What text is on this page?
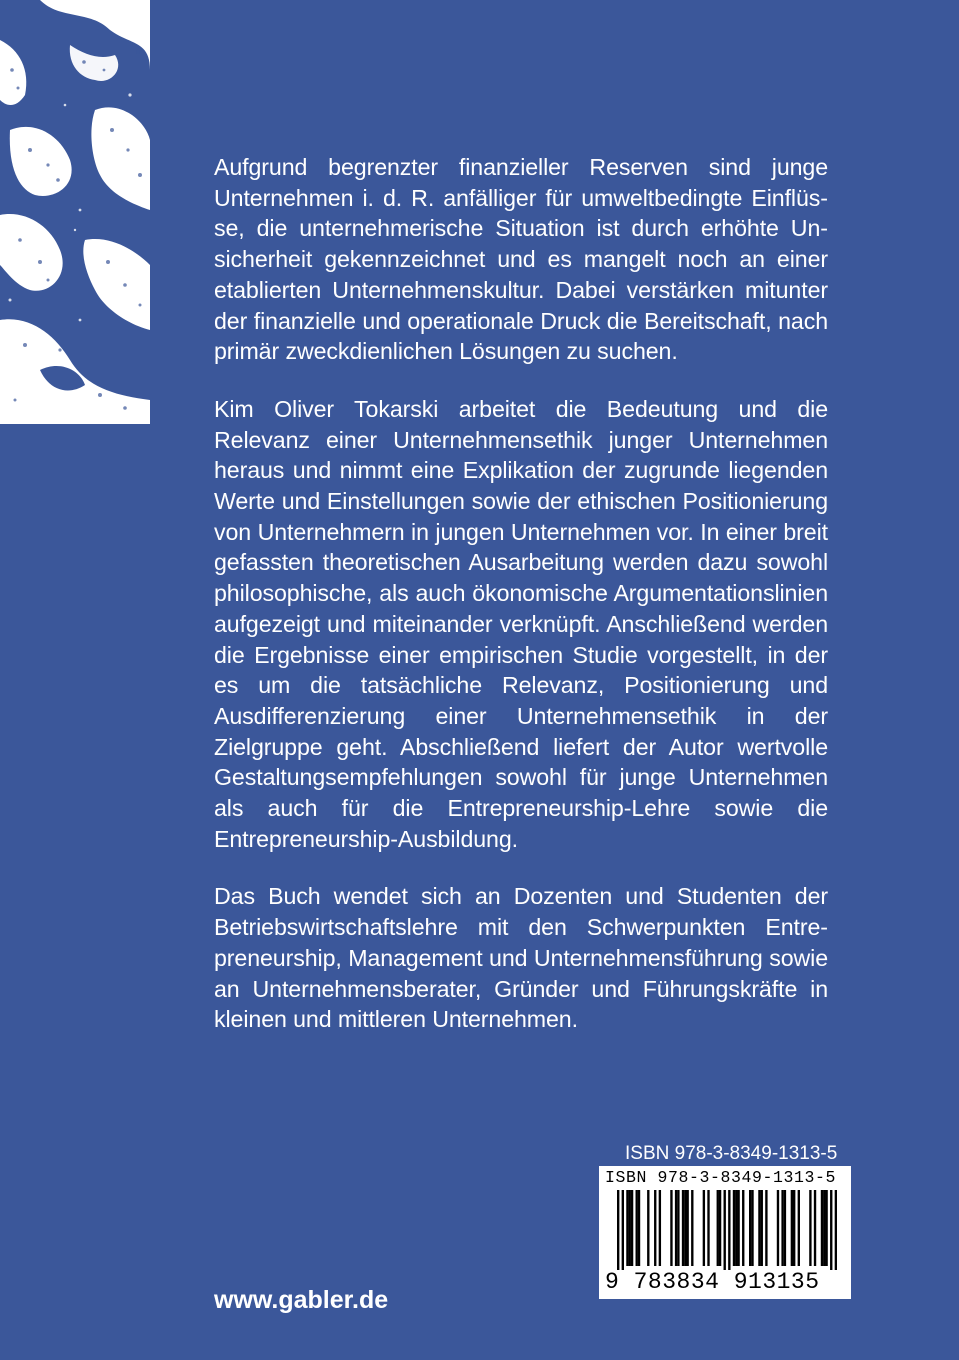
Aufgrund begrenzter finanzieller Reserven sind junge Unternehmen i. d. R. anfälliger für umweltbedingte Einflüsse, die unternehmerische Situation ist durch erhöhte Unsicherheit gekennzeichnet und es mangelt noch an einer etablierten Unternehmenskultur. Dabei verstärken mitunter der finanzielle und operationale Druck die Bereitschaft, nach primär zweckdienlichen Lösungen zu suchen.

Kim Oliver Tokarski arbeitet die Bedeutung und die Relevanz einer Unternehmensethik junger Unternehmen heraus und nimmt eine Explikation der zugrunde liegenden Werte und Einstellungen sowie der ethischen Positionierung von Unternehmern in jungen Unternehmen vor. In einer breit gefassten theoretischen Ausarbeitung werden dazu sowohl philosophische, als auch ökonomische Argumentationslinien aufgezeigt und miteinander verknüpft. Anschließend werden die Ergebnisse einer empirischen Studie vorgestellt, in der es um die tatsächliche Relevanz, Positionierung und Ausdifferenzierung einer Unternehmensethik in der Zielgruppe geht. Abschließend liefert der Autor wertvolle Gestaltungsempfehlungen sowohl für junge Unternehmen als auch für die Entrepreneurship-Lehre sowie die Entrepreneurship-Ausbildung.

Das Buch wendet sich an Dozenten und Studenten der Betriebswirtschaftslehre mit den Schwerpunkten Entrepreneurship, Management und Unternehmensführung sowie an Unternehmensberater, Gründer und Führungskräfte in kleinen und mittleren Unternehmen.

ISBN 978-3-8349-1313-5
ISBN 978-3-8349-1313-5
9 783834 913135
www.gabler.de
